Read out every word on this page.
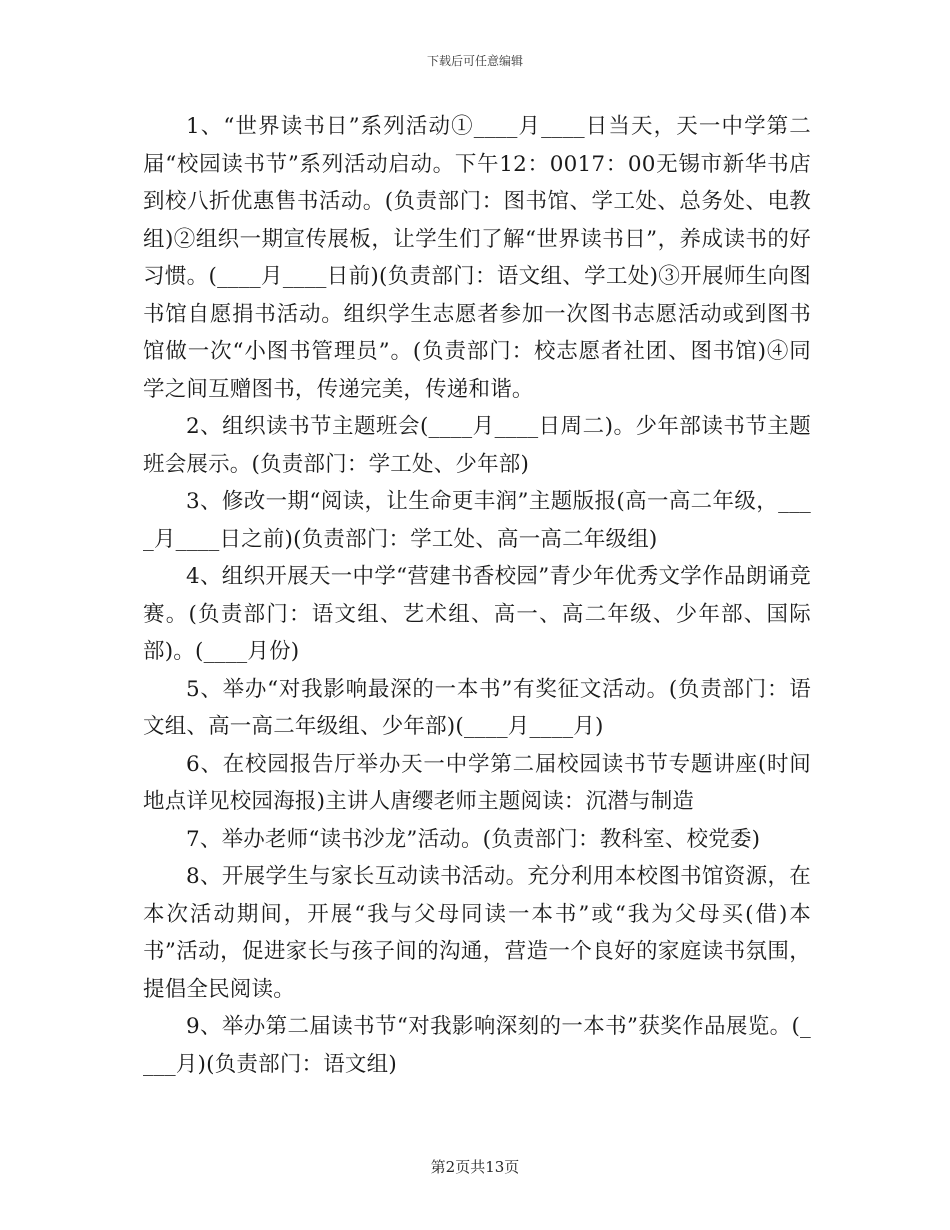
下载后可任意编辑

1、“世界读书日”系列活动①____月____日当天，天一中学第二届“校园读书节”系列活动启动。下午12：0017：00无锡市新华书店到校八折优惠售书活动。(负责部门：图书馆、学工处、总务处、电教组)②组织一期宣传展板，让学生们了解“世界读书日”，养成读书的好习惯。(____月____日前)(负责部门：语文组、学工处)③开展师生向图书馆自愿捐书活动。组织学生志愿者参加一次图书志愿活动或到图书馆做一次“小图书管理员”。(负责部门：校志愿者社团、图书馆)④同学之间互赠图书，传递完美，传递和谐。

2、组织读书节主题班会(____月____日周二)。少年部读书节主题班会展示。(负责部门：学工处、少年部)

3、修改一期“阅读，让生命更丰润”主题版报(高一高二年级，____月____日之前)(负责部门：学工处、高一高二年级组)

4、组织开展天一中学“营建书香校园”青少年优秀文学作品朗诵竞赛。(负责部门：语文组、艺术组、高一、高二年级、少年部、国际部)。(____月份)

5、举办“对我影响最深的一本书”有奖征文活动。(负责部门：语文组、高一高二年级组、少年部)(____月____月)

6、在校园报告厅举办天一中学第二届校园读书节专题讲座(时间地点详见校园海报)主讲人唐缨老师主题阅读：沉潜与制造

7、举办老师“读书沙龙”活动。(负责部门：教科室、校党委)

8、开展学生与家长互动读书活动。充分利用本校图书馆资源，在本次活动期间，开展“我与父母同读一本书”或“我为父母买(借)本书”活动，促进家长与孩子间的沟通，营造一个良好的家庭读书氛围，提倡全民阅读。

9、举办第二届读书节“对我影响深刻的一本书”获奖作品展览。(____月)(负责部门：语文组)

第2页共13页
